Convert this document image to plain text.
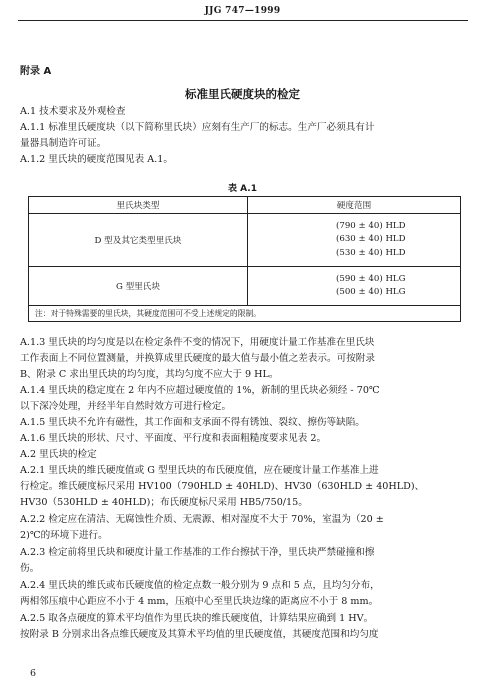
JJG 747—1999
附录 A
标准里氏硬度块的检定
A.1 技术要求及外观检查
A.1.1 标准里氏硬度块（以下简称里氏块）应刻有生产厂的标志。生产厂必须具有计
量器具制造许可证。
A.1.2 里氏块的硬度范围见表 A.1。
表 A.1
里氏块类型	硬度范围
D 型及其它类型里氏块	(790 ± 40) HLD
(630 ± 40) HLD
(530 ± 40) HLD

G 型里氏块	(590 ± 40) HLG
(500 ± 40) HLG

注：对于特殊需要的里氏块，其硬度范围可不受上述规定的限制。	
A.1.3 里氏块的均匀度是以在检定条件不变的情况下，用硬度计量工作基准在里氏块
工作表面上不同位置测量，并换算成里氏硬度的最大值与最小值之差表示。可按附录
B、附录 C 求出里氏块的均匀度，其均匀度不应大于 9 HL。
A.1.4 里氏块的稳定度在 2 年内不应超过硬度值的 1%，新制的里氏块必须经 - 70℃
以下深冷处理，并经半年自然时效方可进行检定。
A.1.5 里氏块不允许有磁性，其工作面和支承面不得有锈蚀、裂纹、擦伤等缺陷。
A.1.6 里氏块的形状、尺寸、平面度、平行度和表面粗糙度要求见表 2。
A.2 里氏块的检定
A.2.1 里氏块的维氏硬度值或 G 型里氏块的布氏硬度值，应在硬度计量工作基准上进
行检定。维氏硬度标尺采用 HV100（790HLD ± 40HLD)、HV30（630HLD ± 40HLD)、
HV30（530HLD ± 40HLD)；布氏硬度标尺采用 HB5/750/15。
A.2.2 检定应在清洁、无腐蚀性介质、无震源、相对湿度不大于 70%，室温为（20 ±
2)℃的环境下进行。
A.2.3 检定前将里氏块和硬度计量工作基准的工作台擦拭干净，里氏块严禁碰撞和擦
伤。
A.2.4 里氏块的维氏或布氏硬度值的检定点数一般分别为 9 点和 5 点，且均匀分布，
两相邻压痕中心距应不小于 4 mm，压痕中心至里氏块边缘的距离应不小于 8 mm。
A.2.5 取各点硬度的算术平均值作为里氏块的维氏硬度值，计算结果应确到 1 HV。
按附录 B 分别求出各点维氏硬度及其算术平均值的里氏硬度值，其硬度范围和均匀度
6
